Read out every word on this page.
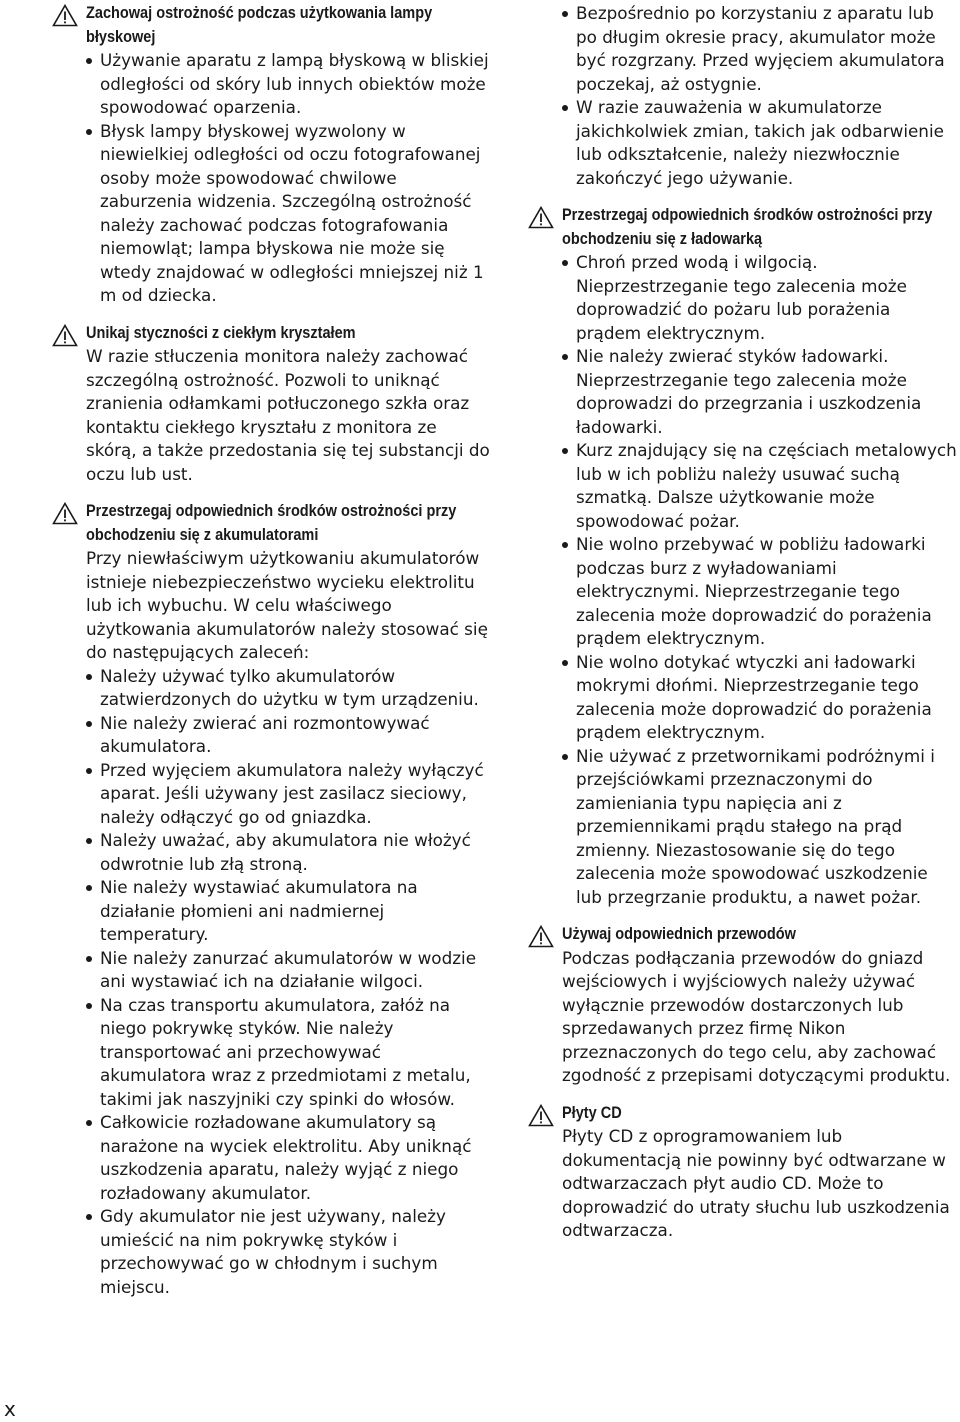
Zachowaj ostrożność podczas użytkowania lampy
błyskowej
Używanie aparatu z lampą błyskową w bliskiej odległości od skóry lub innych obiektów może spowodować oparzenia.
Błysk lampy błyskowej wyzwolony w niewielkiej odległości od oczu fotografowanej osoby może spowodować chwilowe zaburzenia widzenia. Szczególną ostrożność należy zachować podczas fotografowania niemowląt; lampa błyskowa nie może się wtedy znajdować w odległości mniejszej niż 1 m od dziecka.
Unikaj styczności z ciekłym kryształem

W razie stłuczenia monitora należy zachować szczególną ostrożność. Pozwoli to uniknąć zranienia odłamkami potłuczonego szkła oraz kontaktu ciekłego kryształu z monitora ze skórą, a także przedostania się tej substancji do oczu lub ust.

Przestrzegaj odpowiednich środków ostrożności przy
obchodzeniu się z akumulatorami

Przy niewłaściwym użytkowaniu akumulatorów istnieje niebezpieczeństwo wycieku elektrolitu lub ich wybuchu. W celu właściwego użytkowania akumulatorów należy stosować się do następujących zaleceń:

Należy używać tylko akumulatorów zatwierdzonych do użytku w tym urządzeniu.
Nie należy zwierać ani rozmontowywać akumulatora.
Przed wyjęciem akumulatora należy wyłączyć aparat. Jeśli używany jest zasilacz sieciowy, należy odłączyć go od gniazdka.
Należy uważać, aby akumulatora nie włożyć odwrotnie lub złą stroną.
Nie należy wystawiać akumulatora na działanie płomieni ani nadmiernej temperatury.
Nie należy zanurzać akumulatorów w wodzie ani wystawiać ich na działanie wilgoci.
Na czas transportu akumulatora, załóż na niego pokrywkę styków. Nie należy transportować ani przechowywać akumulatora wraz z przedmiotami z metalu, takimi jak naszyjniki czy spinki do włosów.
Całkowicie rozładowane akumulatory są narażone na wyciek elektrolitu. Aby uniknąć uszkodzenia aparatu, należy wyjąć z niego rozładowany akumulator.
Gdy akumulator nie jest używany, należy umieścić na nim pokrywkę styków i przechowywać go w chłodnym i suchym miejscu.
Bezpośrednio po korzystaniu z aparatu lub po długim okresie pracy, akumulator może być rozgrzany. Przed wyjęciem akumulatora poczekaj, aż ostygnie.
W razie zauważenia w akumulatorze jakichkolwiek zmian, takich jak odbarwienie lub odkształcenie, należy niezwłocznie zakończyć jego używanie.
Przestrzegaj odpowiednich środków ostrożności przy
obchodzeniu się z ładowarką
Chroń przed wodą i wilgocią. Nieprzestrzeganie tego zalecenia może doprowadzić do pożaru lub porażenia prądem elektrycznym.
Nie należy zwierać styków ładowarki. Nieprzestrzeganie tego zalecenia może doprowadzi do przegrzania i uszkodzenia ładowarki.
Kurz znajdujący się na częściach metalowych lub w ich pobliżu należy usuwać suchą szmatką. Dalsze użytkowanie może spowodować pożar.
Nie wolno przebywać w pobliżu ładowarki podczas burz z wyładowaniami elektrycznymi. Nieprzestrzeganie tego zalecenia może doprowadzić do porażenia prądem elektrycznym.
Nie wolno dotykać wtyczki ani ładowarki mokrymi dłońmi. Nieprzestrzeganie tego zalecenia może doprowadzić do porażenia prądem elektrycznym.
Nie używać z przetwornikami podróżnymi i przejściówkami przeznaczonymi do zamieniania typu napięcia ani z przemiennikami prądu stałego na prąd zmienny. Niezastosowanie się do tego zalecenia może spowodować uszkodzenie lub przegrzanie produktu, a nawet pożar.
Używaj odpowiednich przewodów

Podczas podłączania przewodów do gniazd wejściowych i wyjściowych należy używać wyłącznie przewodów dostarczonych lub sprzedawanych przez firmę Nikon przeznaczonych do tego celu, aby zachować zgodność z przepisami dotyczącymi produktu.

Płyty CD

Płyty CD z oprogramowaniem lub dokumentacją nie powinny być odtwarzane w odtwarzaczach płyt audio CD. Może to doprowadzić do utraty słuchu lub uszkodzenia odtwarzacza.

x
